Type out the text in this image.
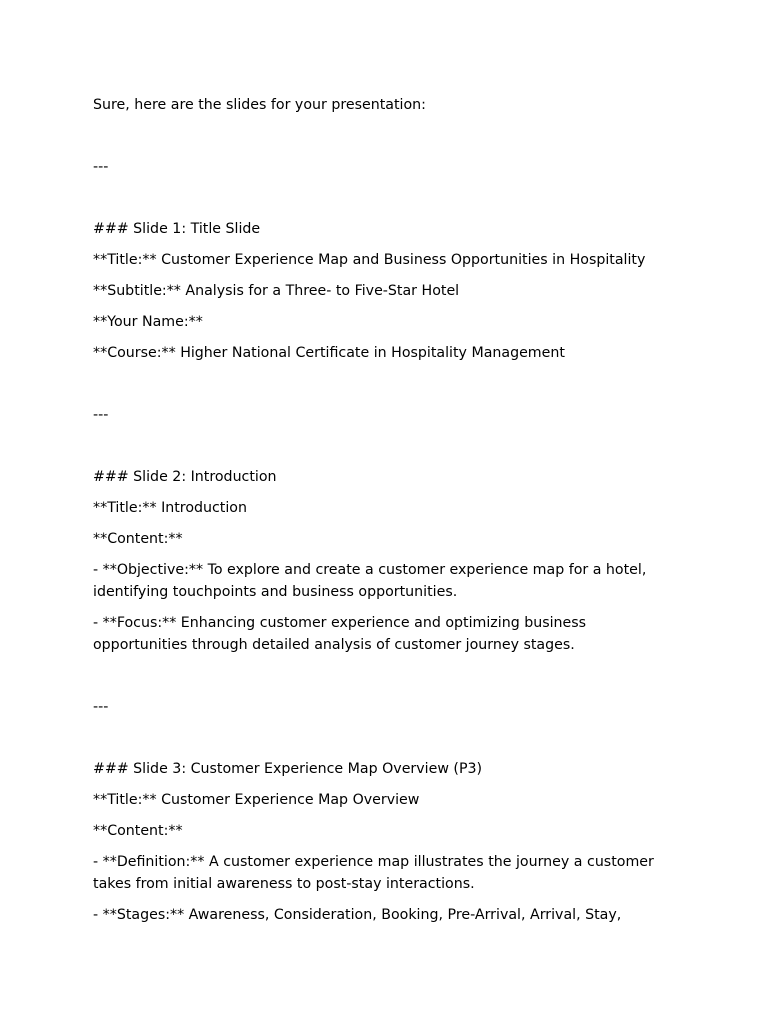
Sure, here are the slides for your presentation:
---
### Slide 1: Title Slide
**Title:** Customer Experience Map and Business Opportunities in Hospitality
**Subtitle:** Analysis for a Three- to Five-Star Hotel
**Your Name:**
**Course:** Higher National Certificate in Hospitality Management
---
### Slide 2: Introduction
**Title:** Introduction
**Content:**
- **Objective:** To explore and create a customer experience map for a hotel, identifying touchpoints and business opportunities.
- **Focus:** Enhancing customer experience and optimizing business opportunities through detailed analysis of customer journey stages.
---
### Slide 3: Customer Experience Map Overview (P3)
**Title:** Customer Experience Map Overview
**Content:**
- **Definition:** A customer experience map illustrates the journey a customer takes from initial awareness to post-stay interactions.
- **Stages:** Awareness, Consideration, Booking, Pre-Arrival, Arrival, Stay,
